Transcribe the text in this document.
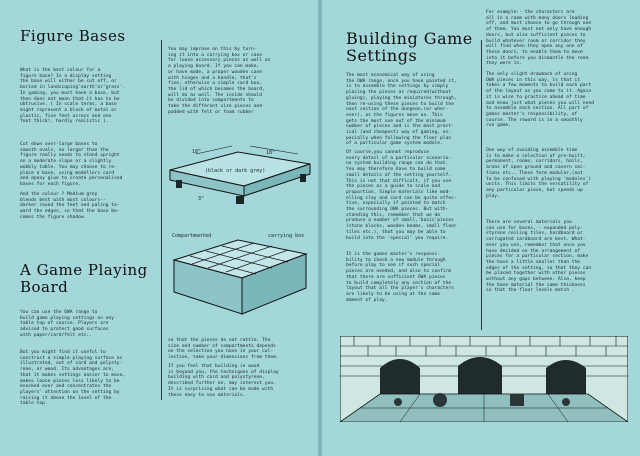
Figure Bases
What is the best colour for a
figure base? In a display setting
the base will either be cut off, or
buried in landscaping'earth'or'grass'.
In gaming, you must have a base, but
then does not mean that it has to be
obtrusive. ( In scale terms, a base
might represent a block of metal or
plastic, five feet across and one
foot thick!, hardly realistic ).
Cut down over-large bases to
smooth ovals, no larger than the
figure really needs to stand upright
on a moderate slope or a slightly
wobbly table. You may choose to re-
place a base, using modellers card
and epoxy glue to create personalised
bases for each figure.
And the colour ? Medium grey
blends best with most colours--
darker round the feet and paling to-
ward the edges, so that the base be-
comes the figure shadow.
A Game Playing Board
You can use the OWA range to
build game playing settings on any
table top of course. Players are
advised to protect good surfaces
with paper/card/felt etc..
But you might find it useful to
construct a simple playing surface as
illustrated, out of card and polysty-
rene, or wood. Its advantages are,
that it makes settings easier to move,
makes loose pieces less likely to be
knocked over and concentrates the
players' attention on the setting by
raising it above the level of the
table top.
You may improve on this by turn-
ing it into a carrying box or case
for loose accessory pieces as well as
a playing board. If you can make,
or have made, a proper wooden case
with hinges and a handle, that's
fine, otherwise a simple card box,
the lid of which becomes the board,
will do as well. The inside should
be divided into compartments to
take the different size pieces and
padded with felt or foam rubber
18"	18"
3"
(black or dark grey)
Compartmented	carrying box
so that the pieces do not rattle. The
size and number of compartments depends
on the selection you have in your col-
lection, take your dimensions from them.
If you feel that building in wood
is beyond you, the techniques of display
building with card and polystyrene,
described further on, may interest you.
It is surprising what can be made with
these easy to use materials.
Building Game
Settings
The most economical way of using
the OWA range, once you have painted it,
is to assemble the settings by simply
placing the pieces as required(without
gluing), playing the miniatures through,
then re-using these pieces to build the
next section of the dungeon,(or wher-
ever), as the figures move on. This
gets the most use out of the minimum
number of pieces and is the most pract-
ical (and cheapest) way of gaming, es-
pecially when following the floor plan
of a particular game system module.
Of course,you cannot reproduce
every detail of a particular scenario-
no system building range can do that.
You may therefore have to build some
small details of the setting yourself.
This is not that difficult, if you use
the pieces as a guide to scale and
proportion. Simple materials like mod-
elling clay and card can be quite effec-
tive, especially if painted to match
the surrounding OWA pieces. But with-
standing this, remember that we do
produce a number of small,'basic'pieces
(stone blocks, wooden beams, small floor
tiles etc.), that you may be able to
build into the 'special' you require.
It is the games master's responsi-
bility to check a new module through
before play to see if such special
pieces are needed, and also to confirm
that there are sufficient OWA pieces
to build completely any section of the
layout that all the player's characters
are likely to be using at the same
moment of play.
For example:- the characters are
all in a room with many doors leading
off, and must choose to go through one
of them. You must not only have enough
doors, but also sufficient pieces to
build whatever room or corridor they
will find when they open any one of
these doors, to enable them to move
into it before you dismantle the room
they were in.
The only slight drawback of using
OWA pieces in this way, is that it
takes a few moments to build each part
of the layout as you come to it. Again
it is wise to practice ahead of time
and know just what pieces you will need
to assemble each section. All part of
games master's responsibility, of
course. The reward is in a smoothly
run game.
One way of avoiding assemble time
is to make a selection of pre-built,
permanent, rooms, corridors, halls,
areas of open ground and cavern sec-
tions etc.. These form modular,(not
to be confused with playing 'modules')
units. This limits the versatility of
any particular piece, but speeds up
play.
There are several materials you
can use for bases, - expanded poly-
styrene ceiling tiles, hardboard or
corrugated cardboard are best. What-
ever you use, remember that once you
have decided on the arrangement of
pieces for a particular section, make
the base a little smaller than the
edges of the setting, so that they can
be placed together with other pieces
without any gaps between. Also, keep
the base material the same thickness
so that the floor levels match .
